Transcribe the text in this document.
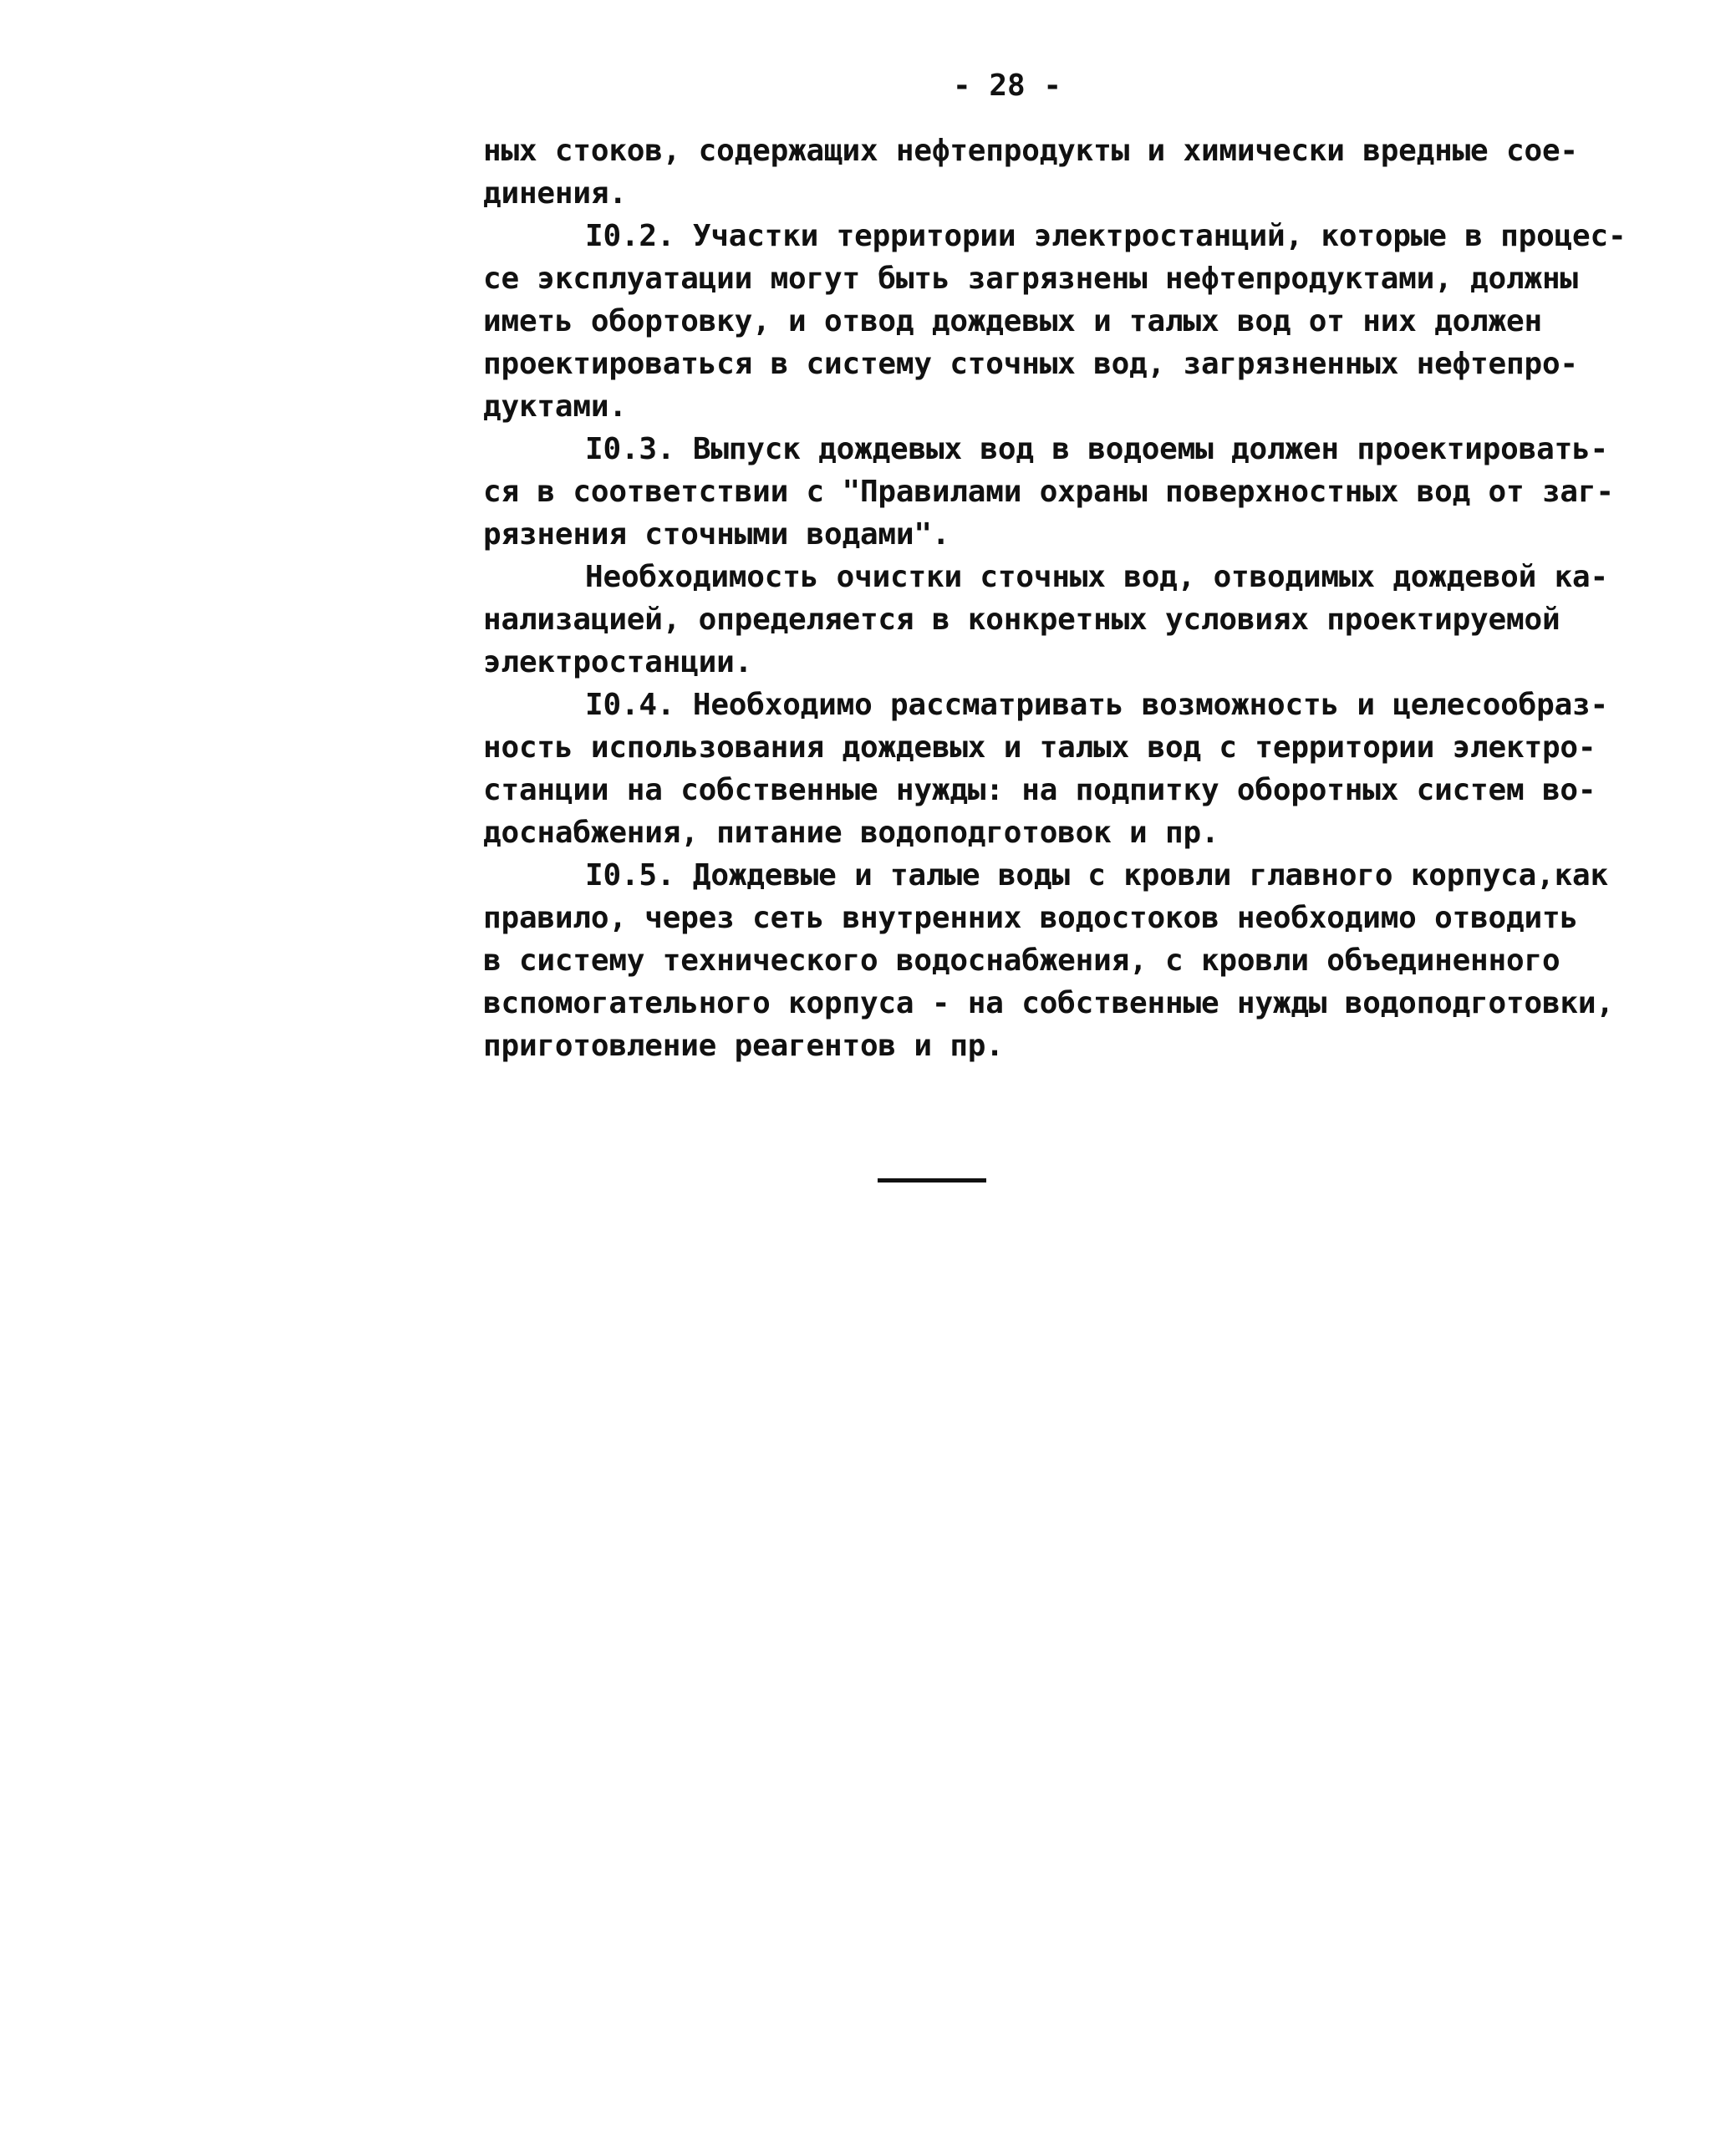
- 28 -
ных стоков, содержащих нефтепродукты и химически вредные сое-
динения.
I0.2. Участки территории электростанций, которые в процес-
се эксплуатации могут быть загрязнены нефтепродуктами, должны
иметь обортовку, и отвод дождевых и талых вод от них должен
проектироваться в систему сточных вод, загрязненных нефтепро-
дуктами.
I0.3. Выпуск дождевых вод в водоемы должен проектировать-
ся в соответствии с "Правилами охраны поверхностных вод от заг-
рязнения сточными водами".
Необходимость очистки сточных вод, отводимых дождевой ка-
нализацией, определяется в конкретных условиях проектируемой
электростанции.
I0.4. Необходимо рассматривать возможность и целесообраз-
ность использования дождевых и талых вод с территории электро-
станции на собственные нужды: на подпитку оборотных систем во-
доснабжения, питание водоподготовок и пр.
I0.5. Дождевые и талые воды с кровли главного корпуса,как
правило, через сеть внутренних водостоков необходимо отводить
в систему технического водоснабжения, с кровли объединенного
вспомогательного корпуса - на собственные нужды водоподготовки,
приготовление реагентов и пр.
